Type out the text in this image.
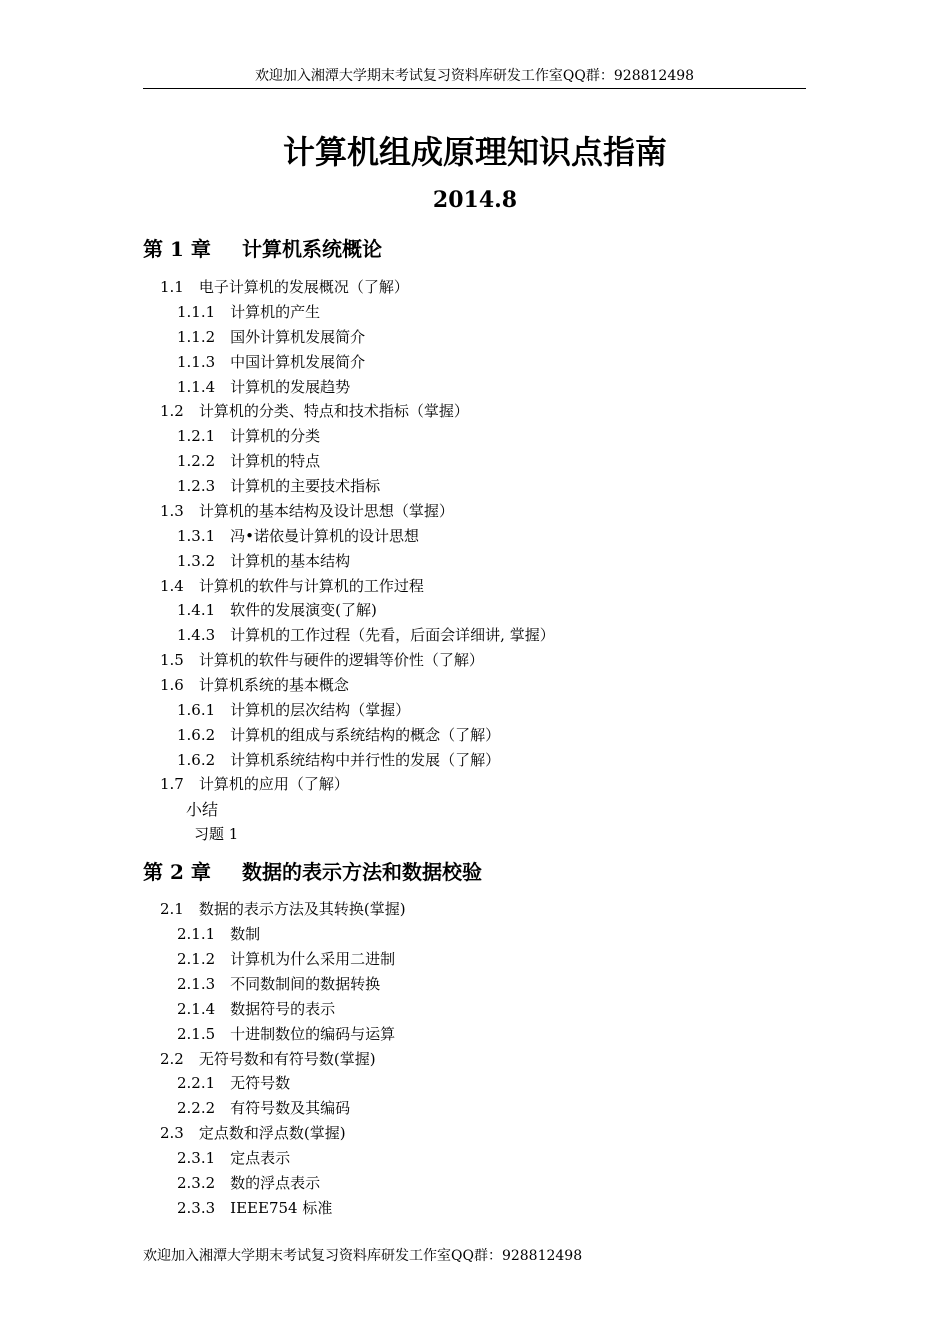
欢迎加入湘潭大学期末考试复习资料库研发工作室QQ群：928812498
计算机组成原理知识点指南
2014.8
第 1 章 计算机系统概论
1.1　电子计算机的发展概况（了解）
1.1.1　计算机的产生
1.1.2　国外计算机发展简介
1.1.3　中国计算机发展简介
1.1.4　计算机的发展趋势
1.2　计算机的分类、特点和技术指标（掌握）
1.2.1　计算机的分类
1.2.2　计算机的特点
1.2.3　计算机的主要技术指标
1.3　计算机的基本结构及设计思想（掌握）
1.3.1　冯•诺依曼计算机的设计思想
1.3.2　计算机的基本结构
1.4　计算机的软件与计算机的工作过程
1.4.1　软件的发展演变(了解)
1.4.3　计算机的工作过程（先看，后面会详细讲, 掌握）
1.5　计算机的软件与硬件的逻辑等价性（了解）
1.6　计算机系统的基本概念
1.6.1　计算机的层次结构（掌握）
1.6.2　计算机的组成与系统结构的概念（了解）
1.6.2　计算机系统结构中并行性的发展（了解）
1.7　计算机的应用（了解）
小结
习题 1
第 2 章 数据的表示方法和数据校验
2.1　数据的表示方法及其转换(掌握)
2.1.1　数制
2.1.2　计算机为什么采用二进制
2.1.3　不同数制间的数据转换
2.1.4　数据符号的表示
2.1.5　十进制数位的编码与运算
2.2　无符号数和有符号数(掌握)
2.2.1　无符号数
2.2.2　有符号数及其编码
2.3　定点数和浮点数(掌握)
2.3.1　定点表示
2.3.2　数的浮点表示
2.3.3　IEEE754 标准
欢迎加入湘潭大学期末考试复习资料库研发工作室QQ群：928812498
